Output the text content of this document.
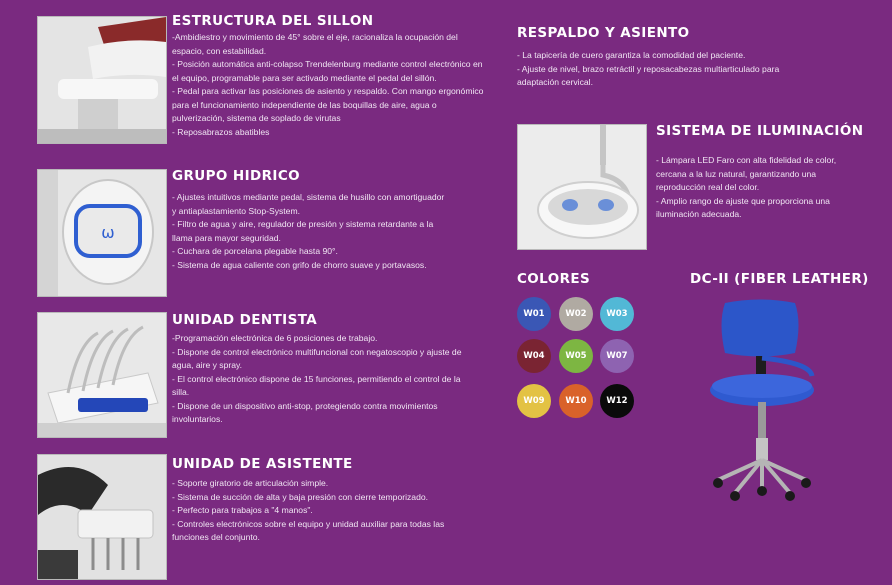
ESTRUCTURA DEL SILLON

-Ambidiestro y movimiento de 45° sobre el eje, racionaliza la ocupación del espacio, con estabilidad.

- Posición automática anti-colapso Trendelenburg mediante control electrónico en el equipo, programable para ser activado mediante el pedal del sillón.

- Pedal para activar las posiciones de asiento y respaldo. Con mango ergonómico para el funcionamiento independiente de las boquillas de aire, agua o pulverización, sistema de soplado de virutas

- Reposabrazos abatibles

ω
GRUPO HIDRICO

- Ajustes intuitivos mediante pedal, sistema de husillo con amortiguador y antiaplastamiento Stop-System.

- Filtro de agua y aire, regulador de presión y sistema retardante a la llama para mayor seguridad.

- Cuchara de porcelana plegable hasta 90°.

- Sistema de agua caliente con grifo de chorro suave y portavasos.

UNIDAD DENTISTA

-Programación electrónica de 6 posiciones de trabajo.

- Dispone de control electrónico multifuncional con negatoscopio y ajuste de agua, aire y spray.

- El control electrónico dispone de 15 funciones, permitiendo el control de la silla.

- Dispone de un dispositivo anti-stop, protegiendo contra movimientos involuntarios.

UNIDAD DE ASISTENTE

- Soporte giratorio de articulación simple.

- Sistema de succión de alta y baja presión con cierre temporizado.

- Perfecto para trabajos a "4 manos".

- Controles electrónicos sobre el equipo y unidad auxiliar para todas las funciones del conjunto.

RESPALDO Y ASIENTO

- La tapicería de cuero garantiza la comodidad del paciente.

- Ajuste de nivel, brazo retráctil y reposacabezas multiarticulado para adaptación cervical.

SISTEMA DE ILUMINACIÓN

- Lámpara LED Faro con alta fidelidad de color, cercana a la luz natural, garantizando una reproducción real del color.

- Amplio rango de ajuste que proporciona una iluminación adecuada.

COLORES
W01	W02	W03
W04	W05	W07
W09	W10	W12
DC-II (FIBER LEATHER)
